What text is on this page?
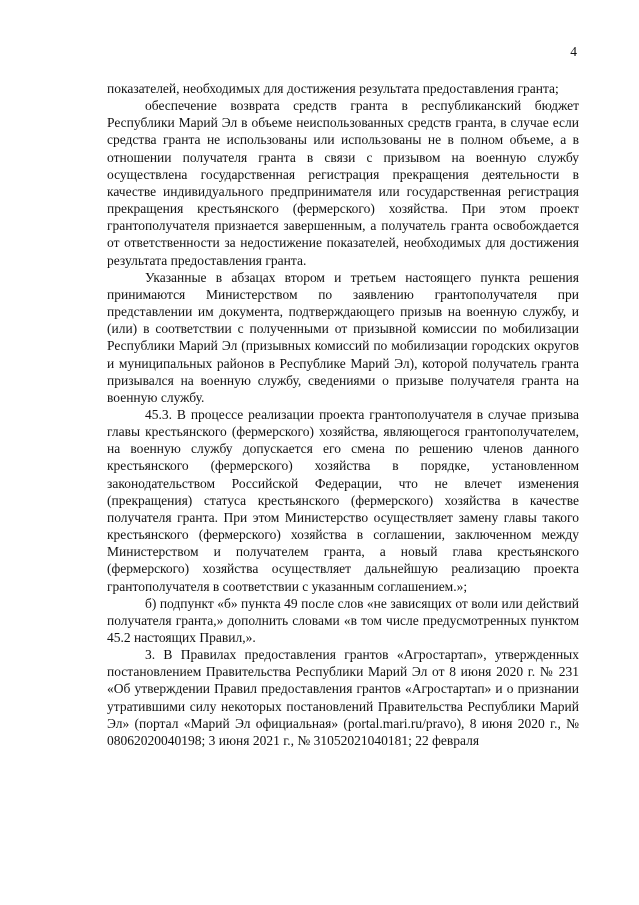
4

показателей, необходимых для достижения результата предоставления гранта;

обеспечение возврата средств гранта в республиканский бюджет Республики Марий Эл в объеме неиспользованных средств гранта, в случае если средства гранта не использованы или использованы не в полном объеме, а в отношении получателя гранта в связи с призывом на военную службу осуществлена государственная регистрация прекращения деятельности в качестве индивидуального предпринимателя или государственная регистрация прекращения крестьянского (фермерского) хозяйства. При этом проект грантополучателя признается завершенным, а получатель гранта освобождается от ответственности за недостижение показателей, необходимых для достижения результата предоставления гранта.

Указанные в абзацах втором и третьем настоящего пункта решения принимаются Министерством по заявлению грантополучателя при представлении им документа, подтверждающего призыв на военную службу, и (или) в соответствии с полученными от призывной комиссии по мобилизации Республики Марий Эл (призывных комиссий по мобилизации городских округов и муниципальных районов в Республике Марий Эл), которой получатель гранта призывался на военную службу, сведениями о призыве получателя гранта на военную службу.

45.3. В процессе реализации проекта грантополучателя в случае призыва главы крестьянского (фермерского) хозяйства, являющегося грантополучателем, на военную службу допускается его смена по решению членов данного крестьянского (фермерского) хозяйства в порядке, установленном законодательством Российской Федерации, что не влечет изменения (прекращения) статуса крестьянского (фермерского) хозяйства в качестве получателя гранта. При этом Министерство осуществляет замену главы такого крестьянского (фермерского) хозяйства в соглашении, заключенном между Министерством и получателем гранта, а новый глава крестьянского (фермерского) хозяйства осуществляет дальнейшую реализацию проекта грантополучателя в соответствии с указанным соглашением.»;

б) подпункт «б» пункта 49 после слов «не зависящих от воли или действий получателя гранта,» дополнить словами «в том числе предусмотренных пунктом 45.2 настоящих Правил,».

3. В Правилах предоставления грантов «Агростартап», утвержденных постановлением Правительства Республики Марий Эл от 8 июня 2020 г. № 231 «Об утверждении Правил предоставления грантов «Агростартап» и о признании утратившими силу некоторых постановлений Правительства Республики Марий Эл» (портал «Марий Эл официальная» (portal.mari.ru/pravo), 8 июня 2020 г., № 08062020040198; 3 июня 2021 г., № 31052021040181; 22 февраля
